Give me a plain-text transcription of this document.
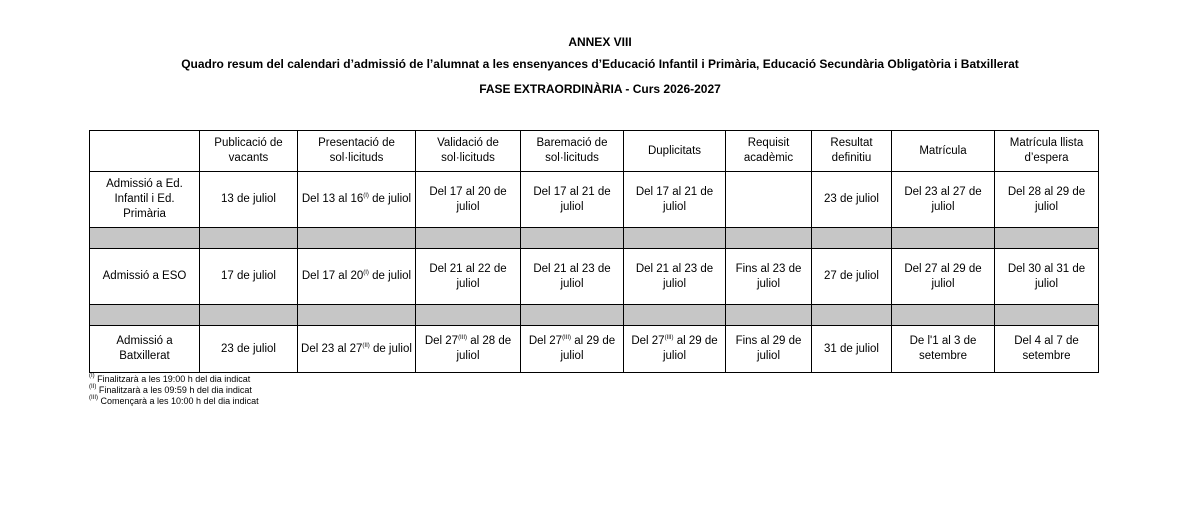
ANNEX VIII
Quadro resum del calendari d’admissió de l’alumnat a les ensenyances d’Educació Infantil i Primària, Educació Secundària Obligatòria i Batxillerat
FASE EXTRAORDINÀRIA - Curs 2026-2027
	Publicació de vacants	Presentació de sol·licituds	Validació de sol·licituds	Baremació de sol·licituds	Duplicitats	Requisit acadèmic	Resultat definitiu	Matrícula	Matrícula llista d’espera
Admissió a Ed. Infantil i Ed. Primària	13 de juliol	Del 13 al $16^{(I)}$ de juliol	Del 17 al 20 de juliol	Del 17 al 21 de juliol	Del 17 al 21 de juliol		23 de juliol	Del 23 al 27 de juliol	Del 28 al 29 de juliol

Admissió a ESO	17 de juliol	Del 17 al $20^{(I)}$ de juliol	Del 21 al 22 de juliol	Del 21 al 23 de juliol	Del 21 al 23 de juliol	Fins al 23 de juliol	27 de juliol	Del 27 al 29 de juliol	Del 30 al 31 de juliol

Admissió a Batxillerat	23 de juliol	Del 23 al $27^{(II)}$ de juliol	Del $27^{(III)}$ al 28 de juliol	Del $27^{(III)}$ al 29 de juliol	Del $27^{(III)}$ al 29 de juliol	Fins al 29 de juliol	31 de juliol	De l'1 al 3 de setembre	Del 4 al 7 de setembre
$^{(I)}$ Finalitzarà a les 19:00 h del dia indicat
$^{(II)}$ Finalitzarà a les 09:59 h del dia indicat
$^{(III)}$ Començarà a les 10:00 h del dia indicat
